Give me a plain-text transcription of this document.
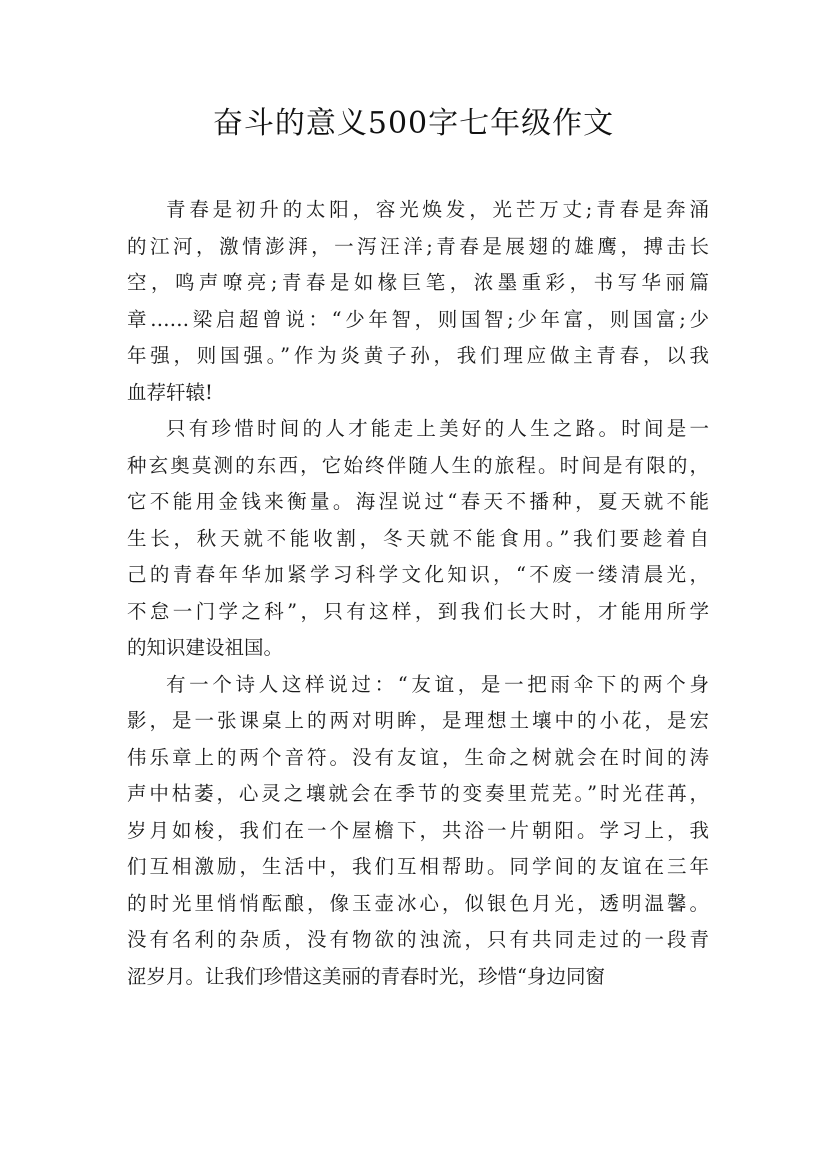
奋斗的意义500字七年级作文

青春是初升的太阳，容光焕发，光芒万丈;青春是奔涌
的江河，激情澎湃，一泻汪洋;青春是展翅的雄鹰，搏击长
空，鸣声嘹亮;青春是如椽巨笔，浓墨重彩，书写华丽篇
章……梁启超曾说：“少年智，则国智;少年富，则国富;少
年强，则国强。”作为炎黄子孙，我们理应做主青春，以我
血荐轩辕!

只有珍惜时间的人才能走上美好的人生之路。时间是一
种玄奥莫测的东西，它始终伴随人生的旅程。时间是有限的，
它不能用金钱来衡量。海涅说过“春天不播种，夏天就不能
生长，秋天就不能收割，冬天就不能食用。”我们要趁着自
己的青春年华加紧学习科学文化知识，“不废一缕清晨光，
不怠一门学之科”，只有这样，到我们长大时，才能用所学
的知识建设祖国。

有一个诗人这样说过：“友谊，是一把雨伞下的两个身
影，是一张课桌上的两对明眸，是理想土壤中的小花，是宏
伟乐章上的两个音符。没有友谊，生命之树就会在时间的涛
声中枯萎，心灵之壤就会在季节的变奏里荒芜。”时光荏苒，
岁月如梭，我们在一个屋檐下，共浴一片朝阳。学习上，我
们互相激励，生活中，我们互相帮助。同学间的友谊在三年
的时光里悄悄酝酿，像玉壶冰心，似银色月光，透明温馨。
没有名利的杂质，没有物欲的浊流，只有共同走过的一段青
涩岁月。让我们珍惜这美丽的青春时光，珍惜“身边同窗
